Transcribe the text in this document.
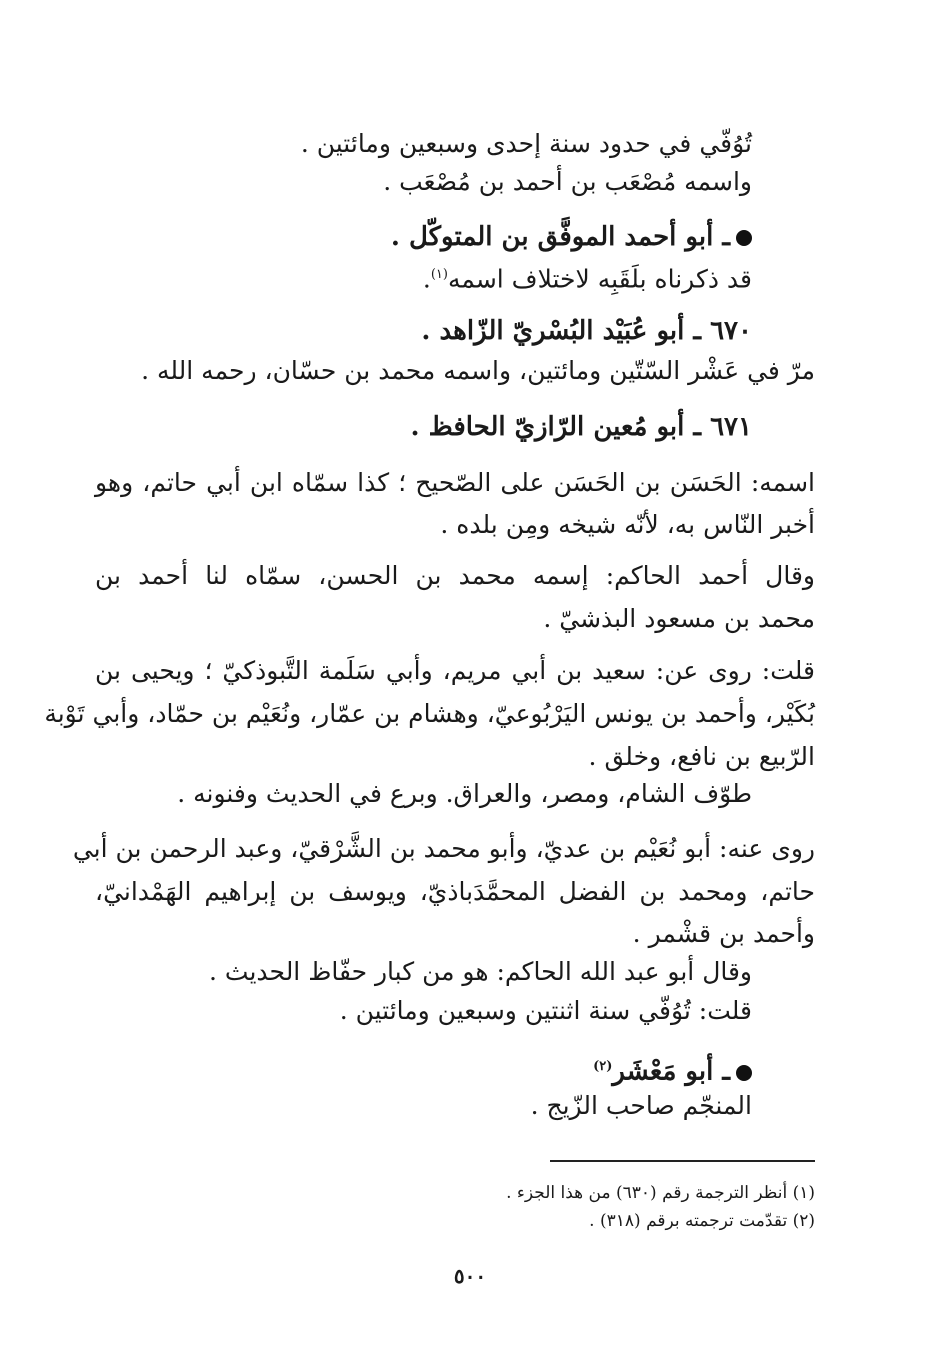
تُوُفّي في حدود سنة إحدى وسبعين ومائتين .
واسمه مُصْعَب بن أحمد بن مُصْعَب .
ـ أبو أحمد الموفَّق بن المتوكّل .
قد ذكرناه بلَقَبِه لاختلاف اسمه$^{(١)}$.
٦٧٠ ـ أبو عُبَيْد البُسْريّ الزّاهد .
مرّ في عَشْر السّتّين ومائتين، واسمه محمد بن حسّان، رحمه الله .
٦٧١ ـ أبو مُعين الرّازيّ الحافظ .
اسمه: الحَسَن بن الحَسَن على الصّحيح ؛ كذا سمّاه ابن أبي حاتم، وهو
أخبر النّاس به، لأنّه شيخه ومِن بلده .
وقال أحمد الحاكم: إسمه محمد بن الحسن، سمّاه لنا أحمد بن
محمد بن مسعود البذشيّ .
قلت: روى عن: سعيد بن أبي مريم، وأبي سَلَمة التَّبوذكيّ ؛ ويحيى بن
بُكَيْر، وأحمد بن يونس اليَرْبُوعيّ، وهشام بن عمّار، ونُعَيْم بن حمّاد، وأبي تَوْبة
الرّبيع بن نافع، وخلق .
طوّف الشام، ومصر، والعراق. وبرع في الحديث وفنونه .
روى عنه: أبو نُعَيْم بن عديّ، وأبو محمد بن الشَّرْقيّ، وعبد الرحمن بن أبي
حاتم، ومحمد بن الفضل المحمَّدَباذيّ، ويوسف بن إبراهيم الهَمْدانيّ،
وأحمد بن قشْمر .
وقال أبو عبد الله الحاكم: هو من كبار حفّاظ الحديث .
قلت: تُوُفّي سنة اثنتين وسبعين ومائتين .
ـ أبو مَعْشَر$^{(٢)}$
المنجّم صاحب الزّيج .
(١) أنظر الترجمة رقم (٦٣٠) من هذا الجزء .
(٢) تقدّمت ترجمته برقم (٣١٨) .
٥٠٠
